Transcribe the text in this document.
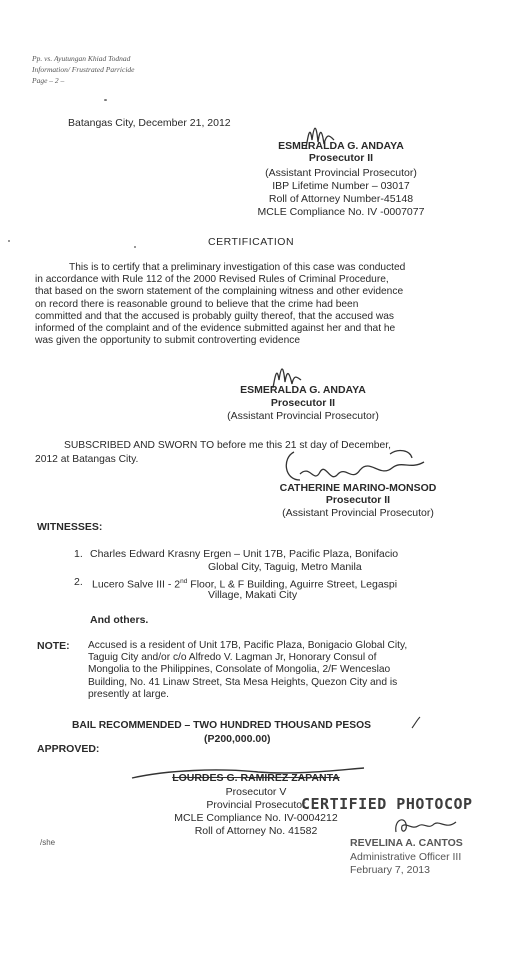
Pp. vs. Ayutungan Khiad Todnad
Information/ Frustrated Parricide
Page – 2 –
Batangas City, December 21, 2012
ESMERALDA G. ANDAYA
Prosecutor II
(Assistant Provincial Prosecutor)
IBP Lifetime Number – 03017
Roll of Attorney Number-45148
MCLE Compliance No. IV -0007077
CERTIFICATION

This is to certify that a preliminary investigation of this case was conducted

in accordance with Rule 112 of the 2000 Revised Rules of Criminal Procedure,

that based on the sworn statement of the complaining witness and other evidence

on record there is reasonable ground to believe that the crime had been

committed and that the accused is probably guilty thereof, that the accused was

informed of the complaint and of the evidence submitted against her and that he

was given the opportunity to submit controverting evidence

ESMERALDA G. ANDAYA
Prosecutor II
(Assistant Provincial Prosecutor)
SUBSCRIBED AND SWORN TO before me this 21 st day of December,
2012 at Batangas City.
CATHERINE MARINO-MONSOD
Prosecutor II
(Assistant Provincial Prosecutor)
WITNESSES:
1. Charles Edward Krasny Ergen – Unit 17B, Pacific Plaza, Bonifacio
Global City, Taguig, Metro Manila
2. Lucero Salve III - 2nd Floor, L & F Building, Aguirre Street, Legaspi
Village, Makati City
And others.
NOTE: Accused is a resident of Unit 17B, Pacific Plaza, Bonigacio Global City,

Taguig City and/or c/o Alfredo V. Lagman Jr, Honorary Consul of

Mongolia to the Philippines, Consolate of Mongolia, 2/F Wenceslao

Building, No. 41 Linaw Street, Sta Mesa Heights, Quezon City and is

presently at large.

BAIL RECOMMENDED – TWO HUNDRED THOUSAND PESOS
(P200,000.00)
APPROVED:
LOURDES G. RAMIREZ ZAPANTA
Prosecutor V
Provincial Prosecutor
MCLE Compliance No. IV-0004212
Roll of Attorney No. 41582
/she
CERTIFIED PHOTOCOP
REVELINA A. CANTOS
Administrative Officer III
February 7, 2013
